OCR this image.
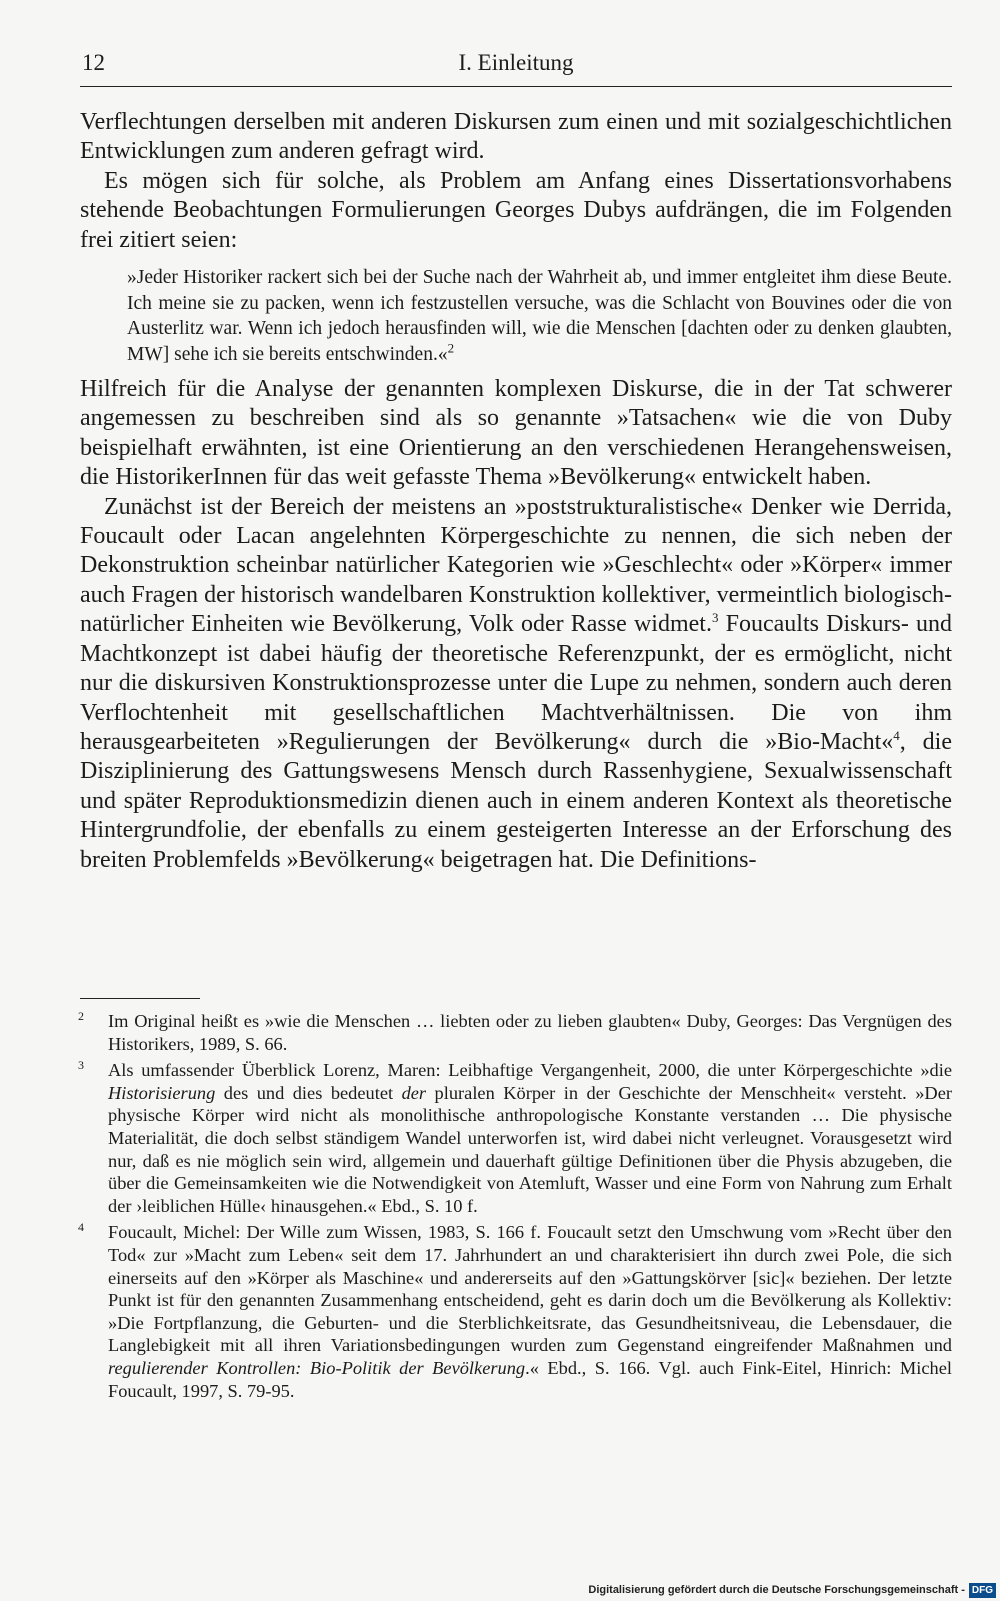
12	I. Einleitung

Verflechtungen derselben mit anderen Diskursen zum einen und mit sozialgeschichtlichen Entwicklungen zum anderen gefragt wird.

Es mögen sich für solche, als Problem am Anfang eines Dissertationsvorhabens stehende Beobachtungen Formulierungen Georges Dubys aufdrängen, die im Folgenden frei zitiert seien:

»Jeder Historiker rackert sich bei der Suche nach der Wahrheit ab, und immer entgleitet ihm diese Beute. Ich meine sie zu packen, wenn ich festzustellen versuche, was die Schlacht von Bouvines oder die von Austerlitz war. Wenn ich jedoch herausfinden will, wie die Menschen [dachten oder zu denken glaubten, MW] sehe ich sie bereits entschwinden.«$^2$

Hilfreich für die Analyse der genannten komplexen Diskurse, die in der Tat schwerer angemessen zu beschreiben sind als so genannte »Tatsachen« wie die von Duby beispielhaft erwähnten, ist eine Orientierung an den verschiedenen Herangehensweisen, die HistorikerInnen für das weit gefasste Thema »Bevölkerung« entwickelt haben.

Zunächst ist der Bereich der meistens an »poststrukturalistische« Denker wie Derrida, Foucault oder Lacan angelehnten Körpergeschichte zu nennen, die sich neben der Dekonstruktion scheinbar natürlicher Kategorien wie »Geschlecht« oder »Körper« immer auch Fragen der historisch wandelbaren Konstruktion kollektiver, vermeintlich biologisch-natürlicher Einheiten wie Bevölkerung, Volk oder Rasse widmet.$^3$ Foucaults Diskurs- und Machtkonzept ist dabei häufig der theoretische Referenzpunkt, der es ermöglicht, nicht nur die diskursiven Konstruktionsprozesse unter die Lupe zu nehmen, sondern auch deren Verflochtenheit mit gesellschaftlichen Machtverhältnissen. Die von ihm herausgearbeiteten »Regulierungen der Bevölkerung« durch die »Bio-Macht«$^4$, die Disziplinierung des Gattungswesens Mensch durch Rassenhygiene, Sexualwissenschaft und später Reproduktionsmedizin dienen auch in einem anderen Kontext als theoretische Hintergrundfolie, der ebenfalls zu einem gesteigerten Interesse an der Erforschung des breiten Problemfelds »Bevölkerung« beigetragen hat. Die Definitions-

2 Im Original heißt es »wie die Menschen … liebten oder zu lieben glaubten« Duby, Georges: Das Vergnügen des Historikers, 1989, S. 66.
3 Als umfassender Überblick Lorenz, Maren: Leibhaftige Vergangenheit, 2000, die unter Körpergeschichte »die Historisierung des und dies bedeutet der pluralen Körper in der Geschichte der Menschheit« versteht. »Der physische Körper wird nicht als monolithische anthropologische Konstante verstanden … Die physische Materialität, die doch selbst ständigem Wandel unterworfen ist, wird dabei nicht verleugnet. Vorausgesetzt wird nur, daß es nie möglich sein wird, allgemein und dauerhaft gültige Definitionen über die Physis abzugeben, die über die Gemeinsamkeiten wie die Notwendigkeit von Atemluft, Wasser und eine Form von Nahrung zum Erhalt der ›leiblichen Hülle‹ hinausgehen.« Ebd., S. 10 f.
4 Foucault, Michel: Der Wille zum Wissen, 1983, S. 166 f. Foucault setzt den Umschwung vom »Recht über den Tod« zur »Macht zum Leben« seit dem 17. Jahrhundert an und charakterisiert ihn durch zwei Pole, die sich einerseits auf den »Körper als Maschine« und andererseits auf den »Gattungskörver [sic]« beziehen. Der letzte Punkt ist für den genannten Zusammenhang entscheidend, geht es darin doch um die Bevölkerung als Kollektiv: »Die Fortpflanzung, die Geburten- und die Sterblichkeitsrate, das Gesundheitsniveau, die Lebensdauer, die Langlebigkeit mit all ihren Variationsbedingungen wurden zum Gegenstand eingreifender Maßnahmen und regulierender Kontrollen: Bio-Politik der Bevölkerung.« Ebd., S. 166. Vgl. auch Fink-Eitel, Hinrich: Michel Foucault, 1997, S. 79-95.
Digitalisierung gefördert durch die Deutsche Forschungsgemeinschaft - DFG
